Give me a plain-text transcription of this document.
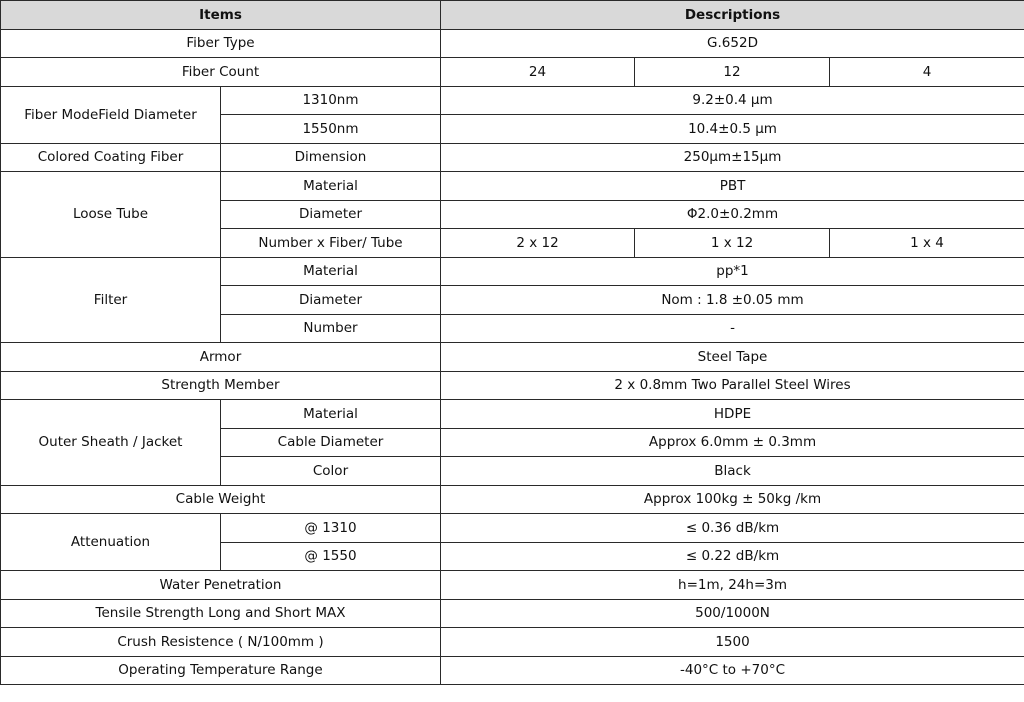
Items		Descriptions		
Fiber Type		G.652D		
Fiber Count		24	12	4
Fiber ModeField Diameter	1310nm	9.2±0.4 μm		
	1550nm	10.4±0.5 μm		
Colored Coating Fiber	Dimension	250μm±15μm		
Loose Tube	Material	PBT		
	Diameter	Φ2.0±0.2mm		
	Number x Fiber/ Tube	2 x 12	1 x 12	1 x 4
Filter	Material	pp*1		
	Diameter	Nom : 1.8 ±0.05 mm		
	Number	-		
Armor		Steel Tape		
Strength Member		2 x 0.8mm Two Parallel Steel Wires		
Outer Sheath / Jacket	Material	HDPE		
	Cable Diameter	Approx 6.0mm ± 0.3mm		
	Color	Black		
Cable Weight		Approx 100kg ± 50kg /km		
Attenuation	@ 1310	≤ 0.36 dB/km		
	@ 1550	≤ 0.22 dB/km		
Water Penetration		h=1m, 24h=3m		
Tensile Strength Long and Short MAX		500/1000N		
Crush Resistence ( N/100mm )		1500		
Operating Temperature Range		-40°C to +70°C		
